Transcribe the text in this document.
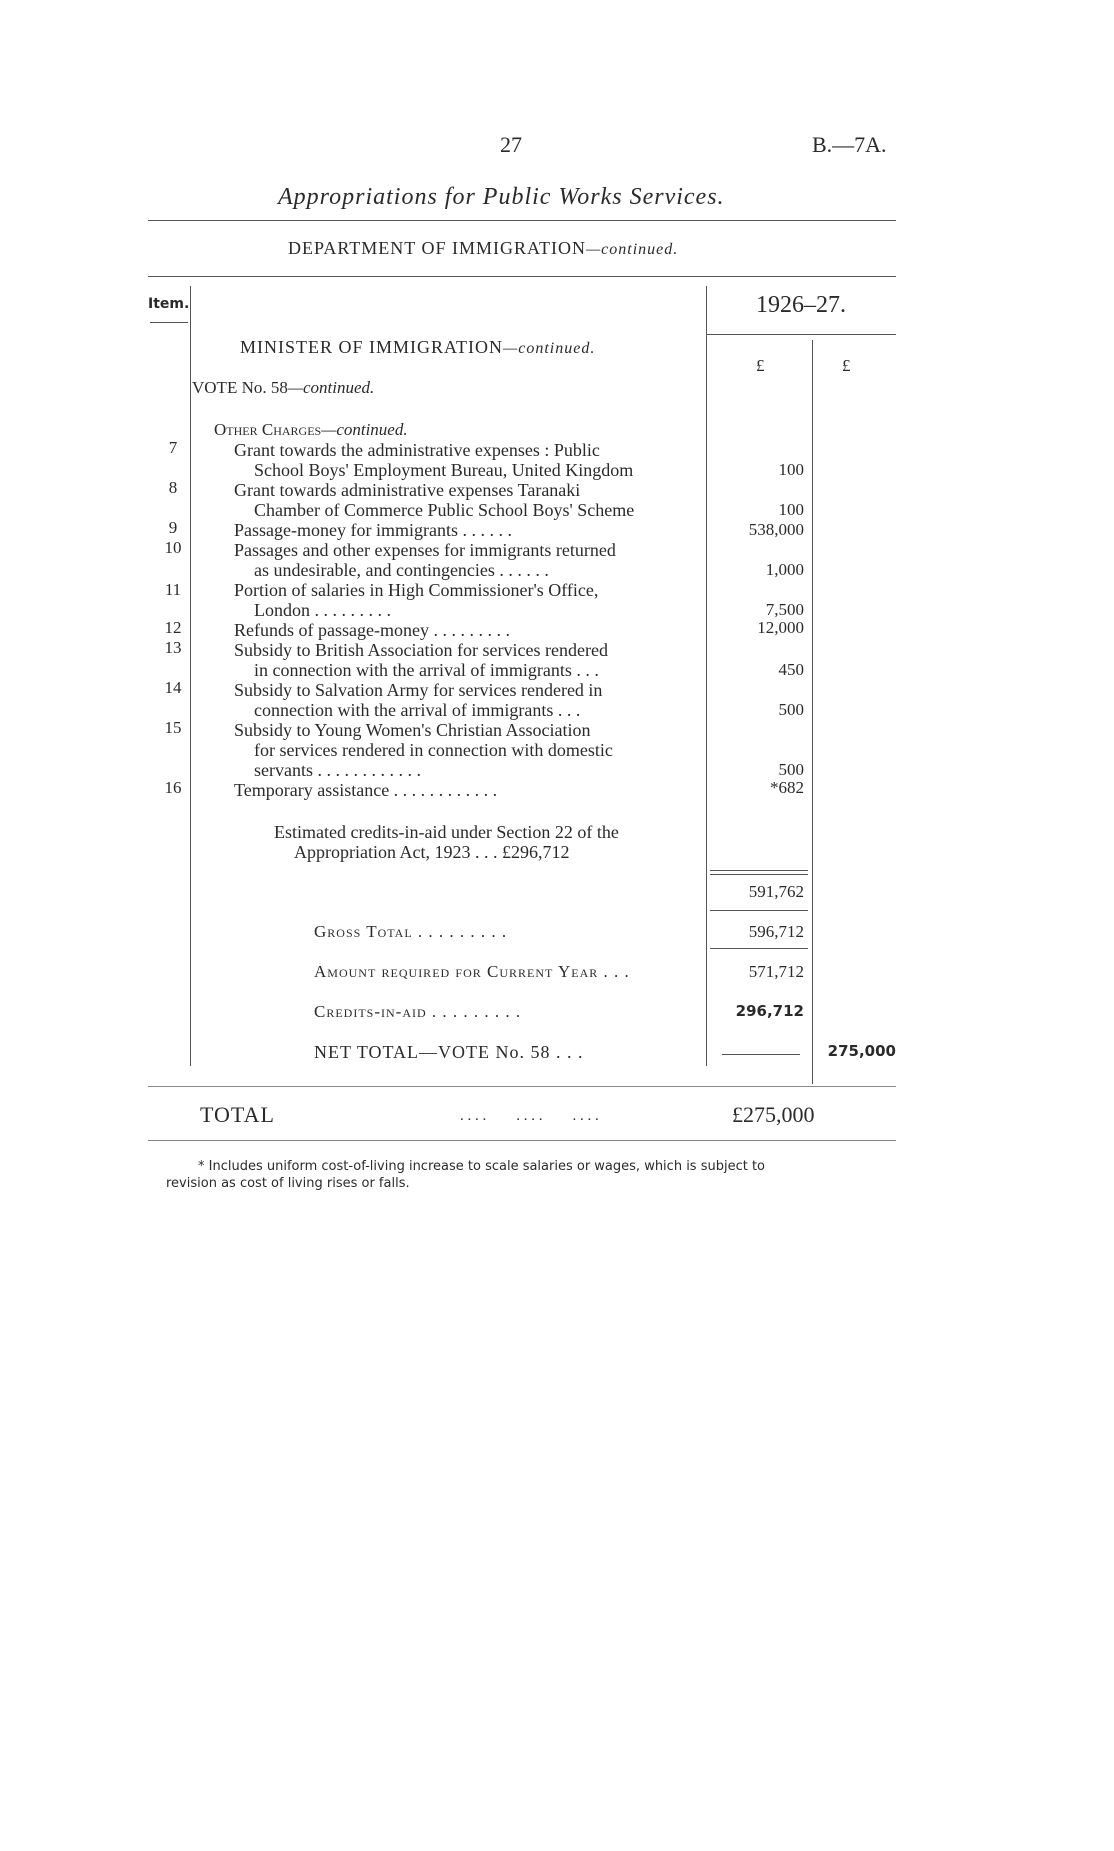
27	B.—7A.
Appropriations for Public Works Services.
DEPARTMENT OF IMMIGRATION—continued.
Item.	1926–27.
£	£
MINISTER OF IMMIGRATION—continued.
VOTE No. 58—continued.
Other Charges—continued.
7	Grant towards the administrative expenses : Public
School Boys' Employment Bureau, United Kingdom	100
8	Grant towards administrative expenses Taranaki
Chamber of Commerce Public School Boys' Scheme	100
9	Passage-money for immigrants . . . . . .	538,000
10	Passages and other expenses for immigrants returned
as undesirable, and contingencies . . . . . .	1,000
11	Portion of salaries in High Commissioner's Office,
London . . . . . . . . .	7,500
12	Refunds of passage-money . . . . . . . . .	12,000
13	Subsidy to British Association for services rendered
in connection with the arrival of immigrants . . .	450
14	Subsidy to Salvation Army for services rendered in
connection with the arrival of immigrants . . .	500
15	Subsidy to Young Women's Christian Association
for services rendered in connection with domestic
servants . . . . . . . . . . . .	500
16	Temporary assistance . . . . . . . . . . . .	*682
Estimated credits-in-aid under Section 22 of the
Appropriation Act, 1923 . . . £296,712
591,762
Gross Total . . . . . . . . .	596,712
Amount required for Current Year . . .	571,712
Credits-in-aid . . . . . . . . .	296,712
NET TOTAL—VOTE No. 58 . . .	275,000
TOTAL	. . . .        . . . .        . . . .	£275,000
* Includes uniform cost-of-living increase to scale salaries or wages, which is subject to
revision as cost of living rises or falls.
